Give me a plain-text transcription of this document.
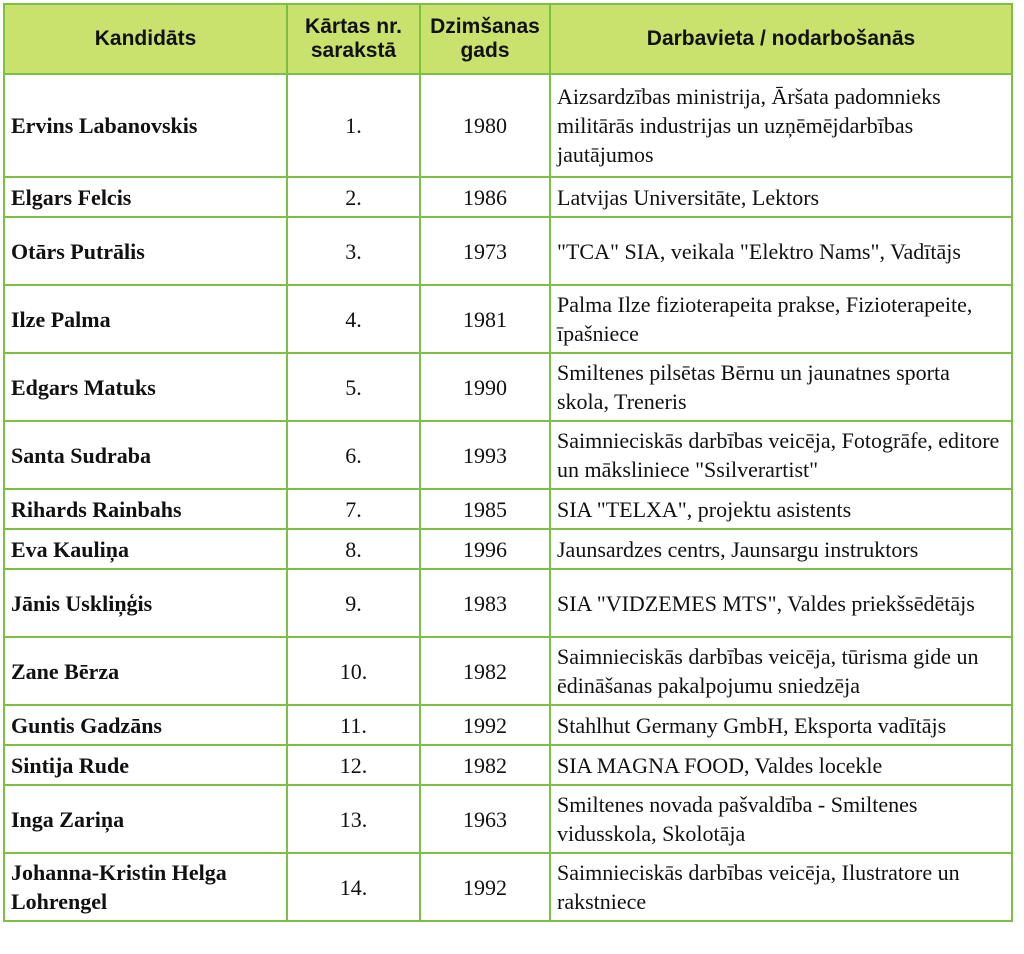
Kandidāts	Kārtas nr. sarakstā	Dzimšanas gads	Darbavieta / nodarbošanās
Ervins Labanovskis	1.	1980	Aizsardzības ministrija, Āršata padomnieks militārās industrijas un uzņēmējdarbības jautājumos
Elgars Felcis	2.	1986	Latvijas Universitāte, Lektors
Otārs Putrālis	3.	1973	"TCA" SIA, veikala "Elektro Nams", Vadītājs
Ilze Palma	4.	1981	Palma Ilze fizioterapeita prakse, Fizioterapeite, īpašniece
Edgars Matuks	5.	1990	Smiltenes pilsētas Bērnu un jaunatnes sporta skola, Treneris
Santa Sudraba	6.	1993	Saimnieciskās darbības veicēja, Fotogrāfe, editore un māksliniece "Ssilverartist"
Rihards Rainbahs	7.	1985	SIA "TELXA", projektu asistents
Eva Kauliņa	8.	1996	Jaunsardzes centrs, Jaunsargu instruktors
Jānis Uskliņģis	9.	1983	SIA "VIDZEMES MTS", Valdes priekšsēdētājs
Zane Bērza	10.	1982	Saimnieciskās darbības veicēja, tūrisma gide un ēdināšanas pakalpojumu sniedzēja
Guntis Gadzāns	11.	1992	Stahlhut Germany GmbH, Eksporta vadītājs
Sintija Rude	12.	1982	SIA MAGNA FOOD, Valdes locekle
Inga Zariņa	13.	1963	Smiltenes novada pašvaldība - Smiltenes vidusskola, Skolotāja
Johanna-Kristin Helga Lohrengel	14.	1992	Saimnieciskās darbības veicēja, Ilustratore un rakstniece
